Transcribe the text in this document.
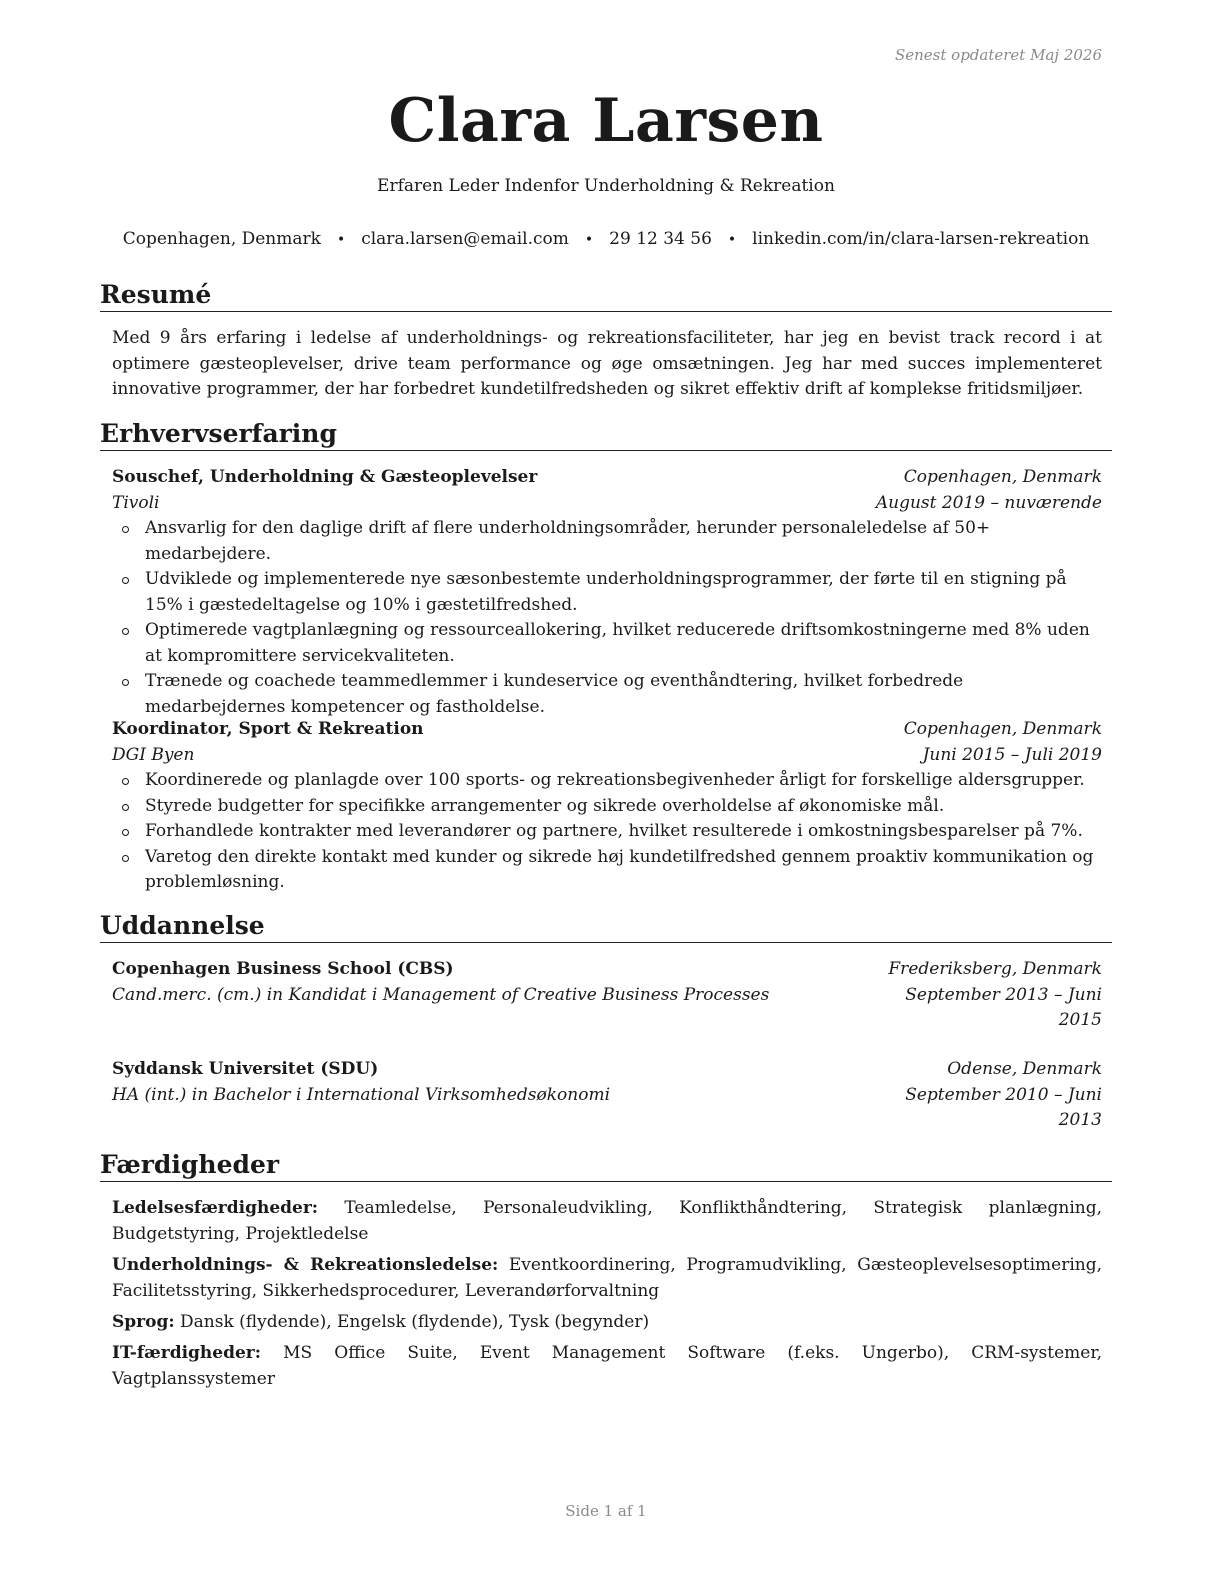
Senest opdateret Maj 2026
Clara Larsen
Erfaren Leder Indenfor Underholdning & Rekreation
Copenhagen, Denmark • clara.larsen@email.com • 29 12 34 56 • linkedin.com/in/clara-larsen-rekreation
Resumé
Med 9 års erfaring i ledelse af underholdnings- og rekreationsfaciliteter, har jeg en bevist track record i at optimere gæsteoplevelser, drive team performance og øge omsætningen. Jeg har med succes implementeret innovative programmer, der har forbedret kundetilfredsheden og sikret effektiv drift af komplekse fritidsmiljøer.
Erhvervserfaring
Souschef, Underholdning & Gæsteoplevelser	Copenhagen, Denmark
Tivoli	August 2019 – nuværende
Ansvarlig for den daglige drift af flere underholdningsområder, herunder personaleledelse af 50+ medarbejdere.
Udviklede og implementerede nye sæsonbestemte underholdningsprogrammer, der førte til en stigning på 15% i gæstedeltagelse og 10% i gæstetilfredshed.
Optimerede vagtplanlægning og ressourceallokering, hvilket reducerede driftsomkostningerne med 8% uden at kompromittere servicekvaliteten.
Trænede og coachede teammedlemmer i kundeservice og eventhåndtering, hvilket forbedrede medarbejdernes kompetencer og fastholdelse.
Koordinator, Sport & Rekreation	Copenhagen, Denmark
DGI Byen	Juni 2015 – Juli 2019
Koordinerede og planlagde over 100 sports- og rekreationsbegivenheder årligt for forskellige aldersgrupper.
Styrede budgetter for specifikke arrangementer og sikrede overholdelse af økonomiske mål.
Forhandlede kontrakter med leverandører og partnere, hvilket resulterede i omkostningsbesparelser på 7%.
Varetog den direkte kontakt med kunder og sikrede høj kundetilfredshed gennem proaktiv kommunikation og problemløsning.
Uddannelse
Copenhagen Business School (CBS)	Frederiksberg, Denmark
Cand.merc. (cm.) in Kandidat i Management of Creative Business Processes	September 2013 – Juni 2015
Syddansk Universitet (SDU)	Odense, Denmark
HA (int.) in Bachelor i International Virksomhedsøkonomi	September 2010 – Juni 2013
Færdigheder
Ledelsesfærdigheder: Teamledelse, Personaleudvikling, Konflikthåndtering, Strategisk planlægning, Budgetstyring, Projektledelse
Underholdnings- & Rekreationsledelse: Eventkoordinering, Programudvikling, Gæsteoplevelsesoptimering, Facilitetsstyring, Sikkerhedsprocedurer, Leverandørforvaltning
Sprog: Dansk (flydende), Engelsk (flydende), Tysk (begynder)
IT-færdigheder: MS Office Suite, Event Management Software (f.eks. Ungerbo), CRM-systemer, Vagtplanssystemer
Side 1 af 1
